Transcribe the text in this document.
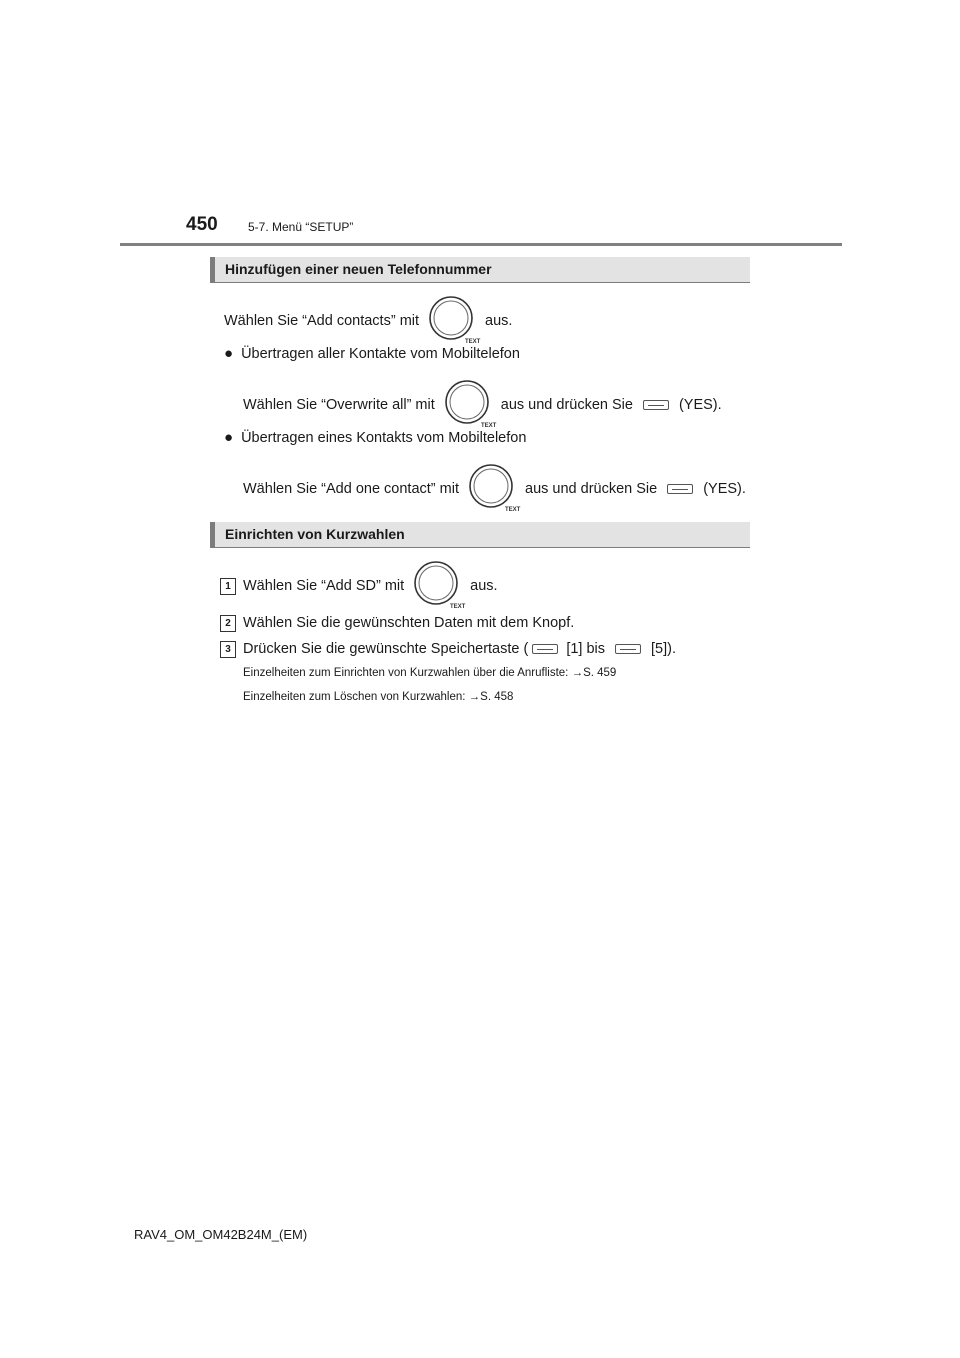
450	5-7. Menü “SETUP”
Hinzufügen einer neuen Telefonnummer
Wählen Sie “Add contacts” mit
TEXT
aus.
● Übertragen aller Kontakte vom Mobiltelefon
Wählen Sie “Overwrite all” mit
TEXT
aus und drücken Sie	(YES).
● Übertragen eines Kontakts vom Mobiltelefon
Wählen Sie “Add one contact” mit
TEXT
aus und drücken Sie	(YES).
Einrichten von Kurzwahlen
1 Wählen Sie “Add SD” mit
TEXT
aus.
2 Wählen Sie die gewünschten Daten mit dem Knopf.
3 Drücken Sie die gewünschte Speichertaste (	[1] bis	[5]).
Einzelheiten zum Einrichten von Kurzwahlen über die Anrufliste: →S. 459
Einzelheiten zum Löschen von Kurzwahlen: →S. 458
RAV4_OM_OM42B24M_(EM)
